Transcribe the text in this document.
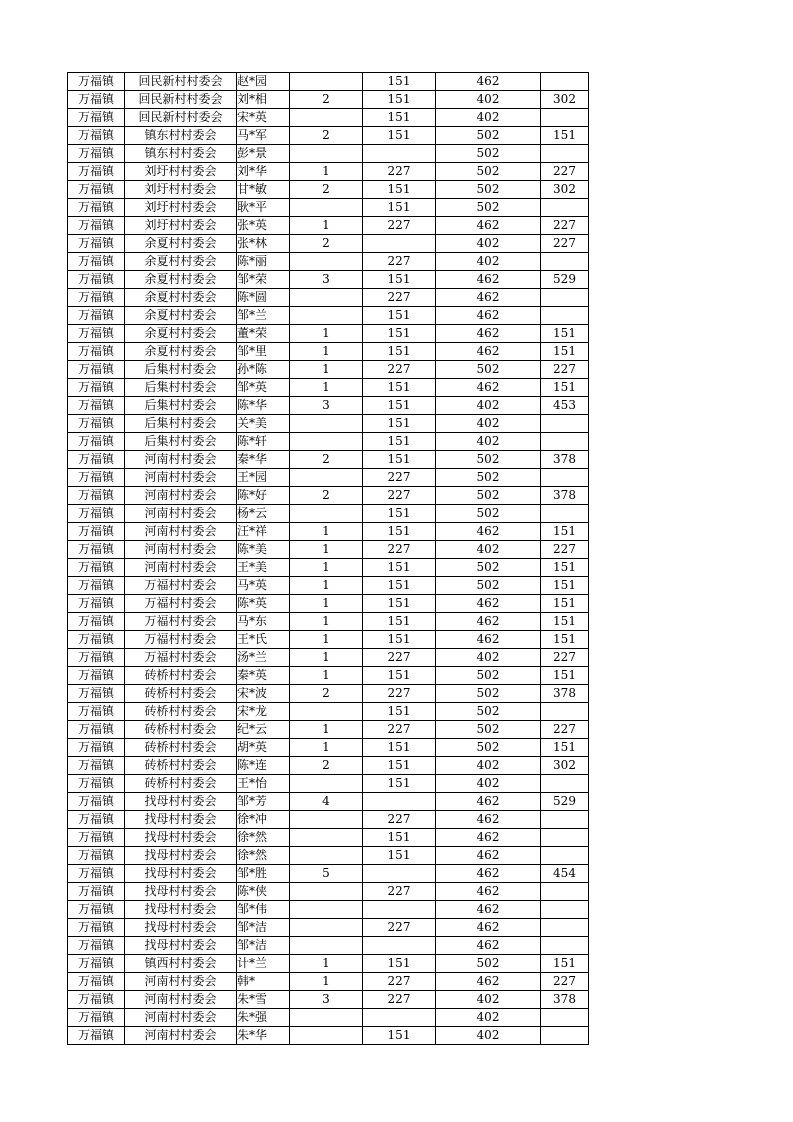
万福镇	回民新村村委会	赵*园		151	462	
万福镇	回民新村村委会	刘*相	2	151	402	302
万福镇	回民新村村委会	宋*英		151	402	
万福镇	镇东村村委会	马*军	2	151	502	151
万福镇	镇东村村委会	彭*景			502	
万福镇	刘圩村村委会	刘*华	1	227	502	227
万福镇	刘圩村村委会	甘*敏	2	151	502	302
万福镇	刘圩村村委会	耿*平		151	502	
万福镇	刘圩村村委会	张*英	1	227	462	227
万福镇	余夏村村委会	张*林	2		402	227
万福镇	余夏村村委会	陈*丽		227	402	
万福镇	余夏村村委会	邹*荣	3	151	462	529
万福镇	余夏村村委会	陈*圆		227	462	
万福镇	余夏村村委会	邹*兰		151	462	
万福镇	余夏村村委会	董*荣	1	151	462	151
万福镇	余夏村村委会	邹*里	1	151	462	151
万福镇	后集村村委会	孙*陈	1	227	502	227
万福镇	后集村村委会	邹*英	1	151	462	151
万福镇	后集村村委会	陈*华	3	151	402	453
万福镇	后集村村委会	关*美		151	402	
万福镇	后集村村委会	陈*轩		151	402	
万福镇	河南村村委会	秦*华	2	151	502	378
万福镇	河南村村委会	王*园		227	502	
万福镇	河南村村委会	陈*好	2	227	502	378
万福镇	河南村村委会	杨*云		151	502	
万福镇	河南村村委会	汪*祥	1	151	462	151
万福镇	河南村村委会	陈*美	1	227	402	227
万福镇	河南村村委会	王*美	1	151	502	151
万福镇	万福村村委会	马*英	1	151	502	151
万福镇	万福村村委会	陈*英	1	151	462	151
万福镇	万福村村委会	马*东	1	151	462	151
万福镇	万福村村委会	王*氏	1	151	462	151
万福镇	万福村村委会	汤*兰	1	227	402	227
万福镇	砖桥村村委会	秦*英	1	151	502	151
万福镇	砖桥村村委会	宋*波	2	227	502	378
万福镇	砖桥村村委会	宋*龙		151	502	
万福镇	砖桥村村委会	纪*云	1	227	502	227
万福镇	砖桥村村委会	胡*英	1	151	502	151
万福镇	砖桥村村委会	陈*连	2	151	402	302
万福镇	砖桥村村委会	王*怡		151	402	
万福镇	找母村村委会	邹*芳	4		462	529
万福镇	找母村村委会	徐*冲		227	462	
万福镇	找母村村委会	徐*然		151	462	
万福镇	找母村村委会	徐*然		151	462	
万福镇	找母村村委会	邹*胜	5		462	454
万福镇	找母村村委会	陈*侠		227	462	
万福镇	找母村村委会	邹*伟			462	
万福镇	找母村村委会	邹*洁		227	462	
万福镇	找母村村委会	邹*洁			462	
万福镇	镇西村村委会	计*兰	1	151	502	151
万福镇	河南村村委会	韩*	1	227	462	227
万福镇	河南村村委会	朱*雪	3	227	402	378
万福镇	河南村村委会	朱*强			402	
万福镇	河南村村委会	朱*华		151	402	
